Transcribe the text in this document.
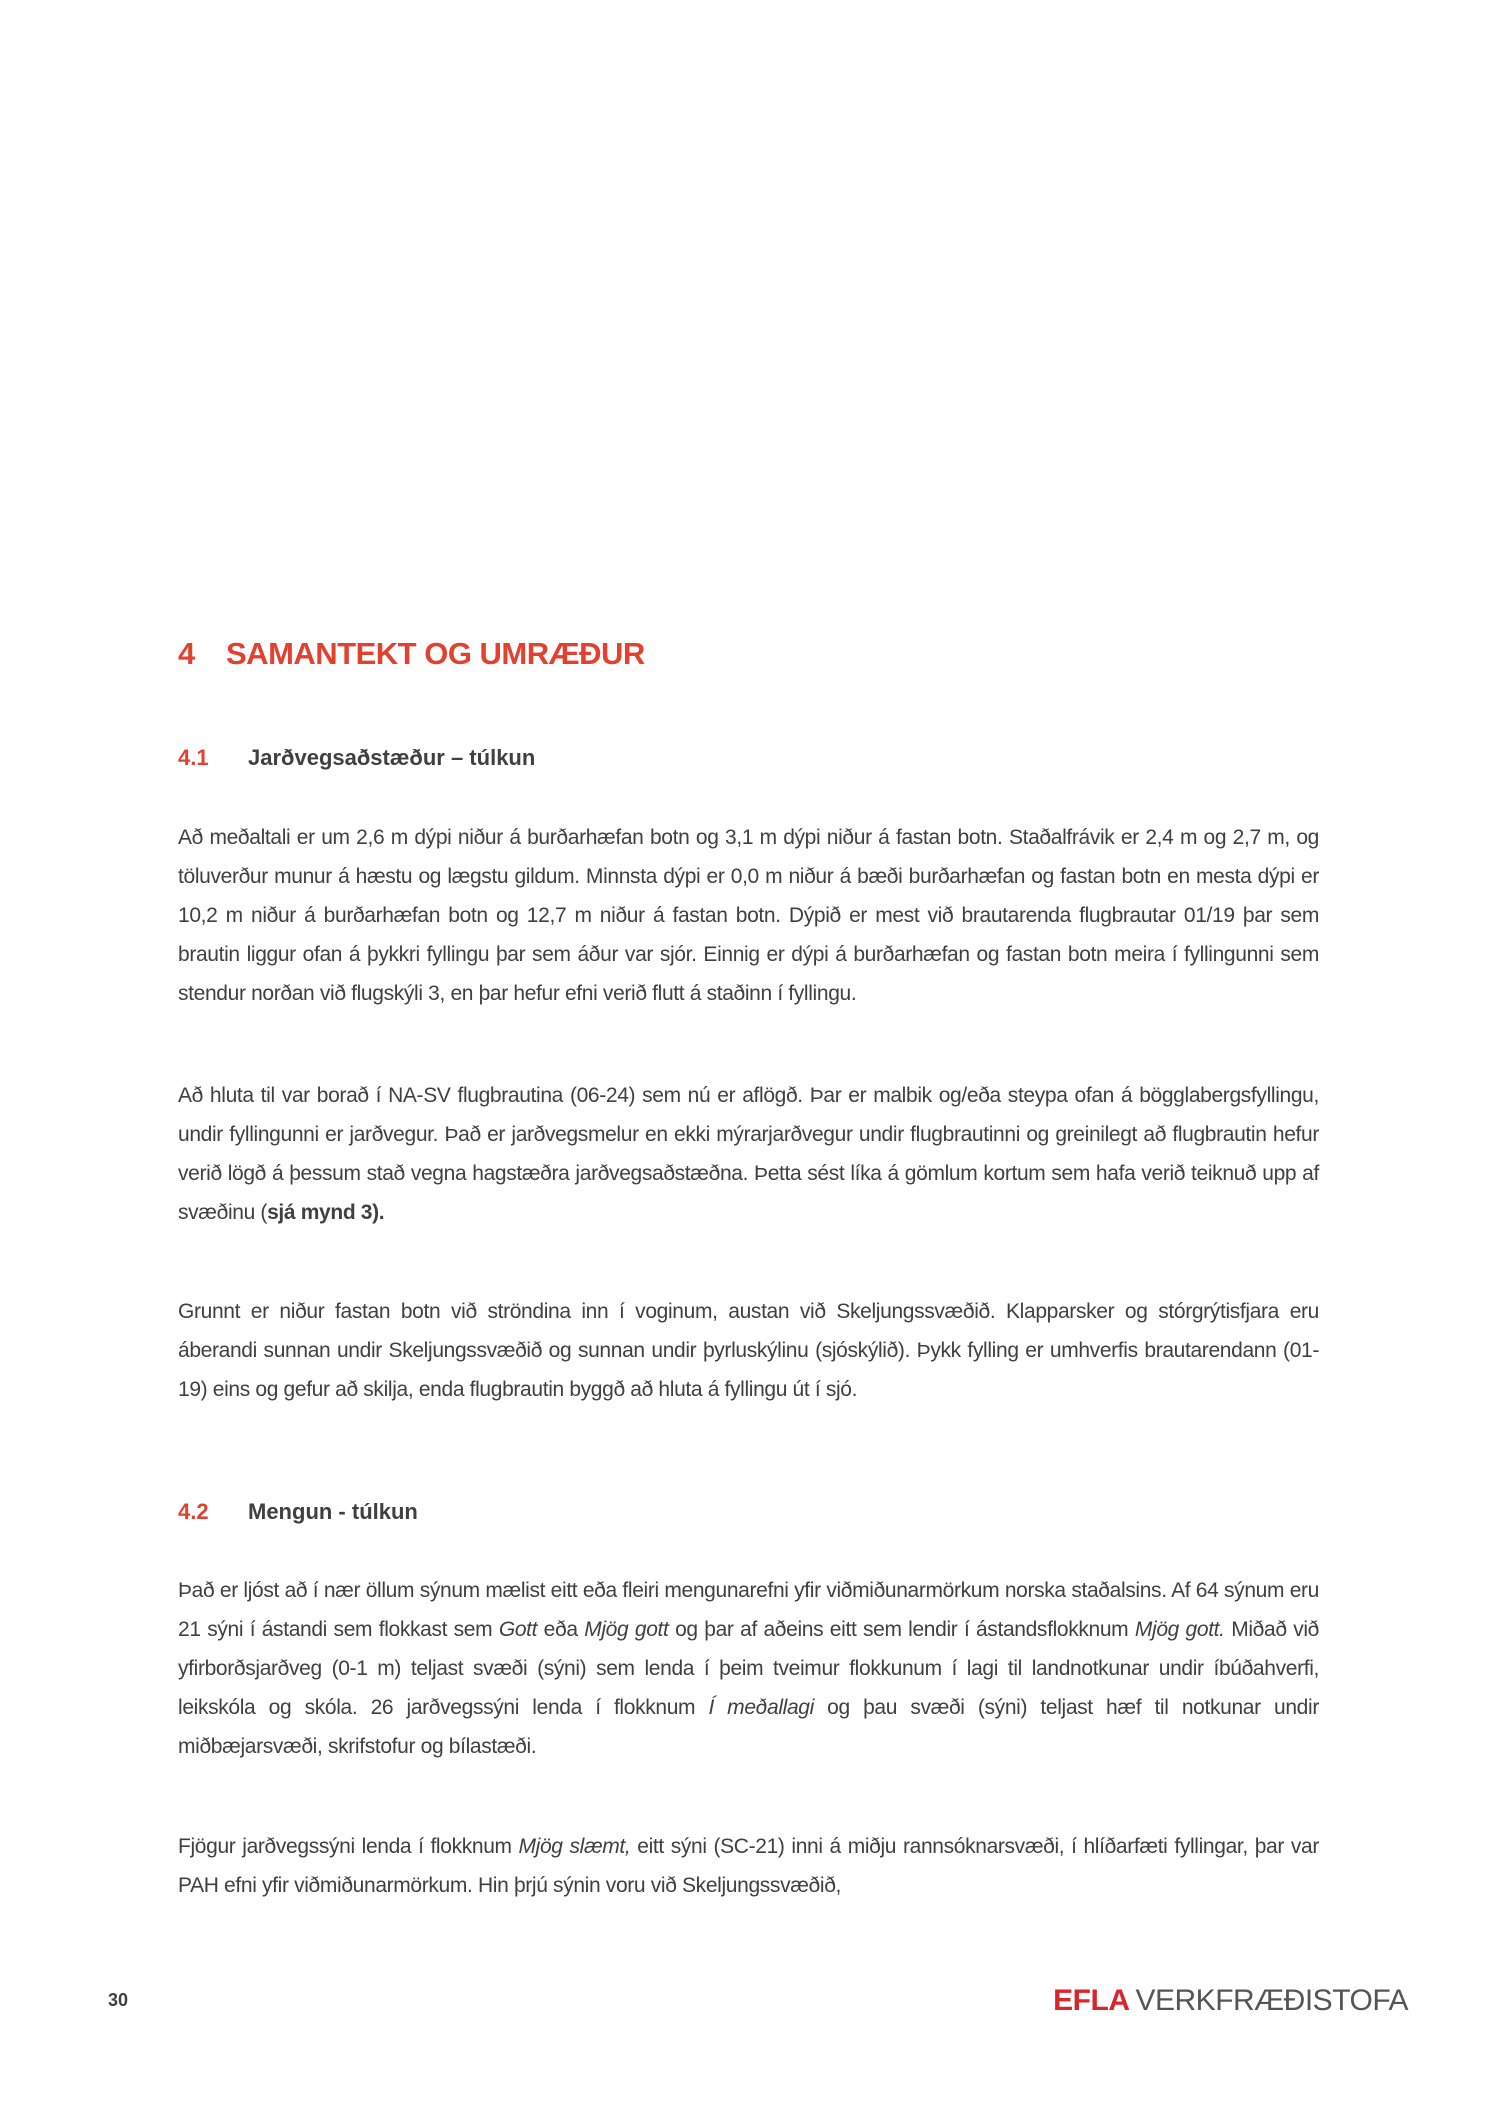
4 SAMANTEKT OG UMRÆÐUR
4.1 Jarðvegsaðstæður – túlkun

Að meðaltali er um 2,6 m dýpi niður á burðarhæfan botn og 3,1 m dýpi niður á fastan botn. Staðalfrávik er 2,4 m og 2,7 m, og töluverður munur á hæstu og lægstu gildum. Minnsta dýpi er 0,0 m niður á bæði burðarhæfan og fastan botn en mesta dýpi er 10,2 m niður á burðarhæfan botn og 12,7 m niður á fastan botn. Dýpið er mest við brautarenda flugbrautar 01/19 þar sem brautin liggur ofan á þykkri fyllingu þar sem áður var sjór. Einnig er dýpi á burðarhæfan og fastan botn meira í fyllingunni sem stendur norðan við flugskýli 3, en þar hefur efni verið flutt á staðinn í fyllingu.

Að hluta til var borað í NA-SV flugbrautina (06-24) sem nú er aflögð. Þar er malbik og/eða steypa ofan á bögglabergsfyllingu, undir fyllingunni er jarðvegur. Það er jarðvegsmelur en ekki mýrarjarðvegur undir flugbrautinni og greinilegt að flugbrautin hefur verið lögð á þessum stað vegna hagstæðra jarðvegsaðstæðna. Þetta sést líka á gömlum kortum sem hafa verið teiknuð upp af svæðinu (sjá mynd 3).

Grunnt er niður fastan botn við ströndina inn í voginum, austan við Skeljungssvæðið. Klapparsker og stórgrýtisfjara eru áberandi sunnan undir Skeljungssvæðið og sunnan undir þyrluskýlinu (sjóskýlið). Þykk fylling er umhverfis brautarendann (01-19) eins og gefur að skilja, enda flugbrautin byggð að hluta á fyllingu út í sjó.

4.2 Mengun - túlkun

Það er ljóst að í nær öllum sýnum mælist eitt eða fleiri mengunarefni yfir viðmiðunarmörkum norska staðalsins. Af 64 sýnum eru 21 sýni í ástandi sem flokkast sem Gott eða Mjög gott og þar af aðeins eitt sem lendir í ástandsflokknum Mjög gott. Miðað við yfirborðsjarðveg (0-1 m) teljast svæði (sýni) sem lenda í þeim tveimur flokkunum í lagi til landnotkunar undir íbúðahverfi, leikskóla og skóla. 26 jarðvegssýni lenda í flokknum Í meðallagi og þau svæði (sýni) teljast hæf til notkunar undir miðbæjarsvæði, skrifstofur og bílastæði.

Fjögur jarðvegssýni lenda í flokknum Mjög slæmt, eitt sýni (SC-21) inni á miðju rannsóknarsvæði, í hlíðarfæti fyllingar, þar var PAH efni yfir viðmiðunarmörkum. Hin þrjú sýnin voru við Skeljungssvæðið,

30	EFLA VERKFRÆÐISTOFA
